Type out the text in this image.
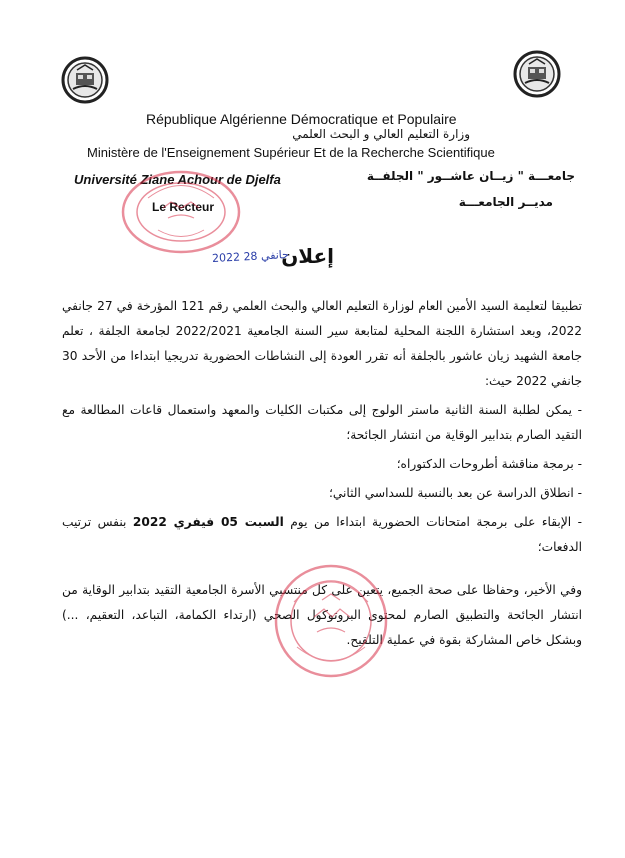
République Algérienne Démocratique et Populaire
وزارة التعليم العالي و البحث العلمي
Ministère de l'Enseignement Supérieur Et de la Recherche Scientifique
Université Ziane Achour de Djelfa
Le Recteur
جامعـــة " زيــان عاشــور " الجلفــة
مديــر الجامعـــة
2022 جانفي 28
إعلان

تطبيقا لتعليمة السيد الأمين العام لوزارة التعليم العالي والبحث العلمي رقم 121 المؤرخة في 27 جانفي 2022، وبعد استشارة اللجنة المحلية لمتابعة سير السنة الجامعية 2022/2021 لجامعة الجلفة ، تعلم جامعة الشهيد زيان عاشور بالجلفة أنه تقرر العودة إلى النشاطات الحضورية تدريجيا ابتداءا من الأحد 30 جانفي 2022 حيث:

- يمكن لطلبة السنة الثانية ماستر الولوج إلى مكتبات الكليات والمعهد واستعمال قاعات المطالعة مع التقيد الصارم بتدابير الوقاية من انتشار الجائحة؛

- برمجة مناقشة أطروحات الدكتوراه؛

- انطلاق الدراسة عن بعد بالنسبة للسداسي الثاني؛

- الإبقاء على برمجة امتحانات الحضورية ابتداءا من يوم السبت 05 فيفري 2022 بنفس ترتيب الدفعات؛

وفي الأخير، وحفاظا على صحة الجميع، يتعين على كل منتسبي الأسرة الجامعية التقيد بتدابير الوقاية من انتشار الجائحة والتطبيق الصارم لمحتوى البروتوكول الصحي (ارتداء الكمامة، التباعد، التعقيم، ...) وبشكل خاص المشاركة بقوة في عملية التلقيح.
